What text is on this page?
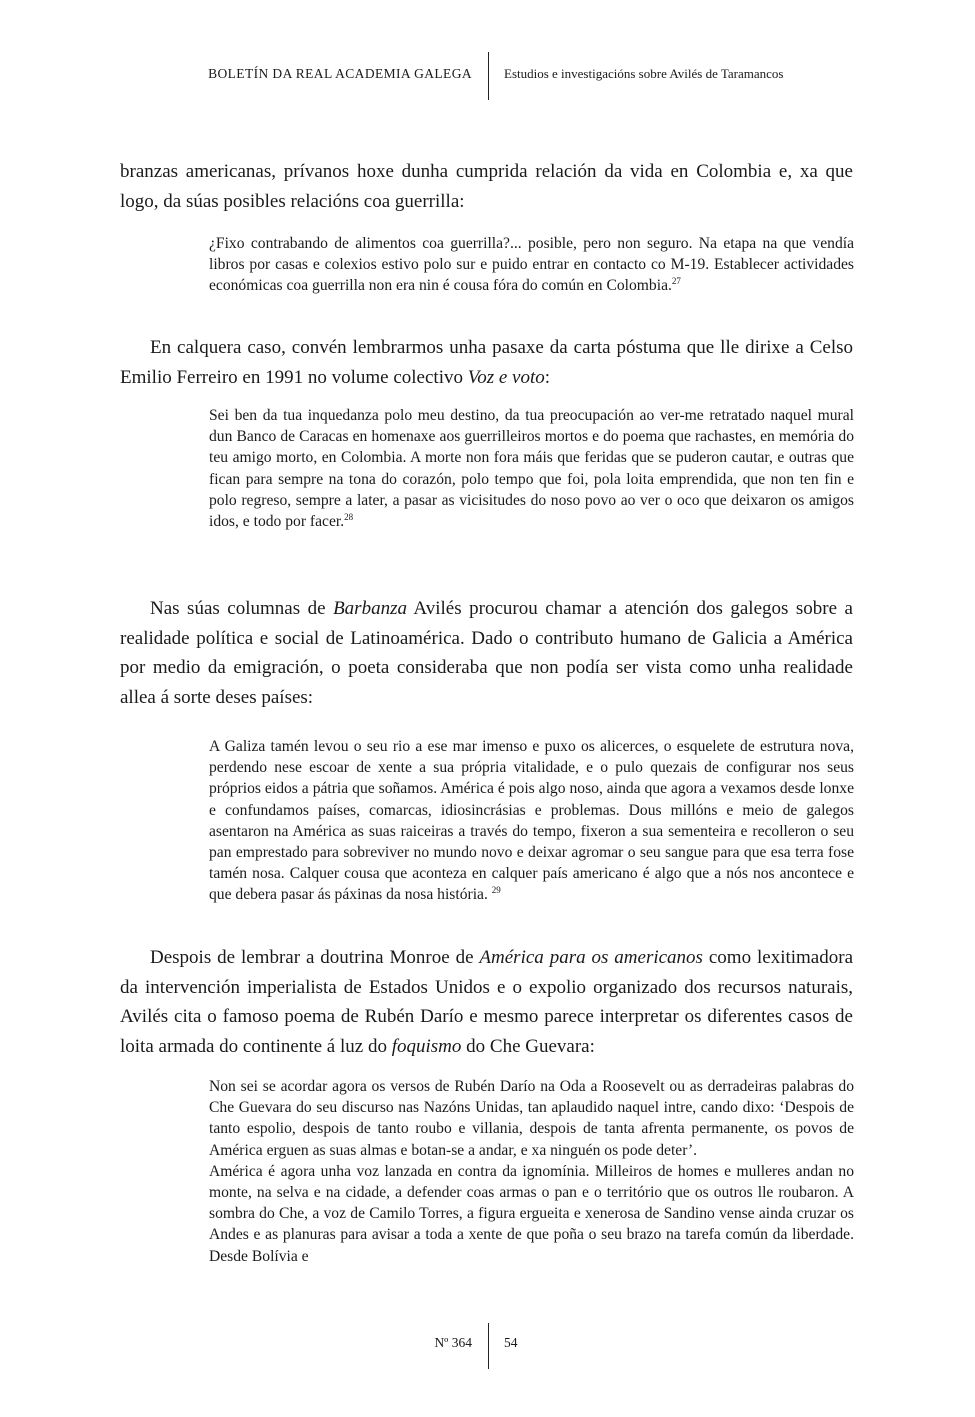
BOLETÍN DA REAL ACADEMIA GALEGA Estudios e investigacións sobre Avilés de Taramancos

branzas americanas, prívanos hoxe dunha cumprida relación da vida en Colombia e, xa que logo, da súas posibles relacións coa guerrilla:

¿Fixo contrabando de alimentos coa guerrilla?... posible, pero non seguro. Na etapa na que vendía libros por casas e colexios estivo polo sur e puido entrar en contacto co M-19. Establecer actividades económicas coa guerrilla non era nin é cousa fóra do común en Colombia.$^{27}$

En calquera caso, convén lembrarmos unha pasaxe da carta póstuma que lle dirixe a Celso Emilio Ferreiro en 1991 no volume colectivo Voz e voto:

Sei ben da tua inquedanza polo meu destino, da tua preocupación ao ver-me retratado naquel mural dun Banco de Caracas en homenaxe aos guerrilleiros mortos e do poema que rachastes, en memória do teu amigo morto, en Colombia. A morte non fora máis que feridas que se puderon cautar, e outras que fican para sempre na tona do corazón, polo tempo que foi, pola loita emprendida, que non ten fin e polo regreso, sempre a later, a pasar as vicisitudes do noso povo ao ver o oco que deixaron os amigos idos, e todo por facer.$^{28}$

Nas súas columnas de Barbanza Avilés procurou chamar a atención dos galegos sobre a realidade política e social de Latinoamérica. Dado o contributo humano de Galicia a América por medio da emigración, o poeta consideraba que non podía ser vista como unha realidade allea á sorte deses países:

A Galiza tamén levou o seu rio a ese mar imenso e puxo os alicerces, o esquelete de estrutura nova, perdendo nese escoar de xente a sua própria vitalidade, e o pulo quezais de configurar nos seus próprios eidos a pátria que soñamos. América é pois algo noso, ainda que agora a vexamos desde lonxe e confundamos países, comarcas, idiosincrásias e problemas. Dous millóns e meio de galegos asentaron na América as suas raiceiras a través do tempo, fixeron a sua sementeira e recolleron o seu pan emprestado para sobreviver no mundo novo e deixar agromar o seu sangue para que esa terra fose tamén nosa. Calquer cousa que aconteza en calquer país americano é algo que a nós nos ancontece e que debera pasar ás páxinas da nosa história. $^{29}$

Despois de lembrar a doutrina Monroe de América para os americanos como lexitimadora da intervención imperialista de Estados Unidos e o expolio organizado dos recursos naturais, Avilés cita o famoso poema de Rubén Darío e mesmo parece interpretar os diferentes casos de loita armada do continente á luz do foquismo do Che Guevara:

Non sei se acordar agora os versos de Rubén Darío na Oda a Roosevelt ou as derradeiras palabras do Che Guevara do seu discurso nas Nazóns Unidas, tan aplaudido naquel intre, cando dixo: ‘Despois de tanto espolio, despois de tanto roubo e villania, despois de tanta afrenta permanente, os povos de América erguen as suas almas e botan-se a andar, e xa ninguén os pode deter’.
América é agora unha voz lanzada en contra da ignomínia. Milleiros de homes e mulleres andan no monte, na selva e na cidade, a defender coas armas o pan e o território que os outros lle roubaron. A sombra do Che, a voz de Camilo Torres, a figura ergueita e xenerosa de Sandino vense ainda cruzar os Andes e as planuras para avisar a toda a xente de que poña o seu brazo na tarefa común da liberdade. Desde Bolívia e

Nº 364 54
